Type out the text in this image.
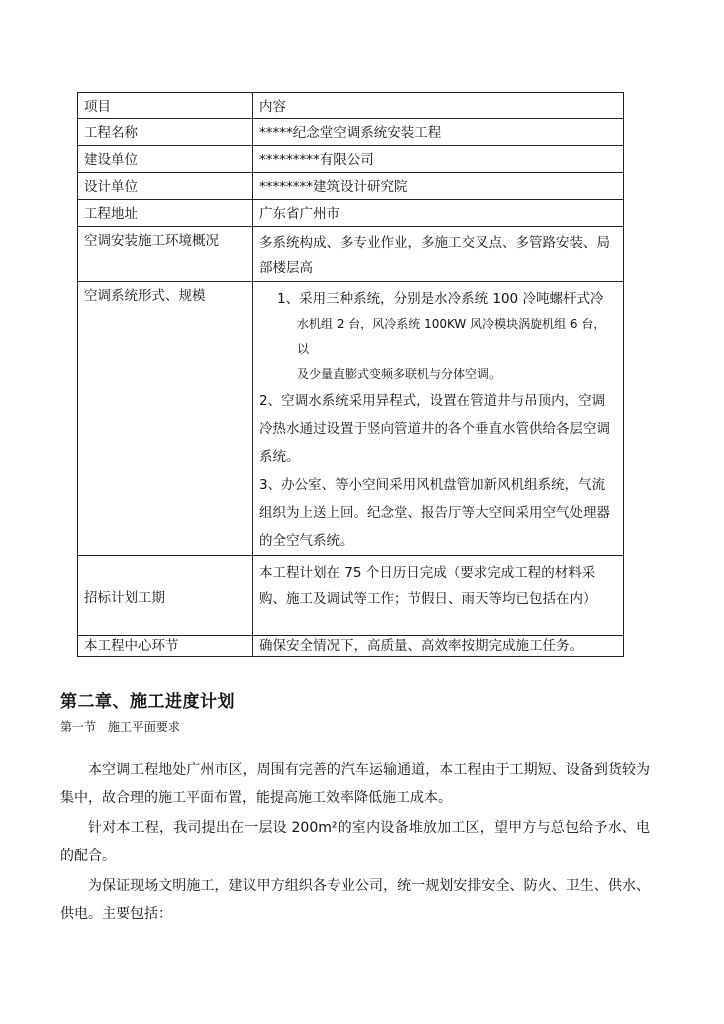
项目	内容
工程名称	*****纪念堂空调系统安装工程
建设单位	*********有限公司
设计单位	********建筑设计研究院
工程地址	广东省广州市
空调安装施工环境概况	多系统构成、多专业作业，多施工交叉点、多管路安装、局部楼层高

空调系统形式、规模	1、采用三种系统，分别是水冷系统 100 冷吨螺杆式冷
水机组 2 台，风冷系统 100KW 风冷模块涡旋机组 6 台，以
及少量直膨式变频多联机与分体空调。
2、空调水系统采用异程式，设置在管道井与吊顶内，空调冷热水通过设置于竖向管道井的各个垂直水管供给各层空调系统。
3、办公室、等小空间采用风机盘管加新风机组系统，气流组织为上送上回。纪念堂、报告厅等大空间采用空气处理器的全空气系统。

招标计划工期	本工程计划在 75 个日历日完成（要求完成工程的材料采购、施工及调试等工作；节假日、雨天等均已包括在内）

本工程中心环节	确保安全情况下，高质量、高效率按期完成施工任务。
第二章、施工进度计划
第一节 施工平面要求

本空调工程地处广州市区，周围有完善的汽车运输通道，本工程由于工期短、设备到货较为集中，故合理的施工平面布置，能提高施工效率降低施工成本。

针对本工程，我司提出在一层设 200m²的室内设备堆放加工区，望甲方与总包给予水、电的配合。

为保证现场文明施工，建议甲方组织各专业公司，统一规划安排安全、防火、卫生、供水、供电。主要包括：
